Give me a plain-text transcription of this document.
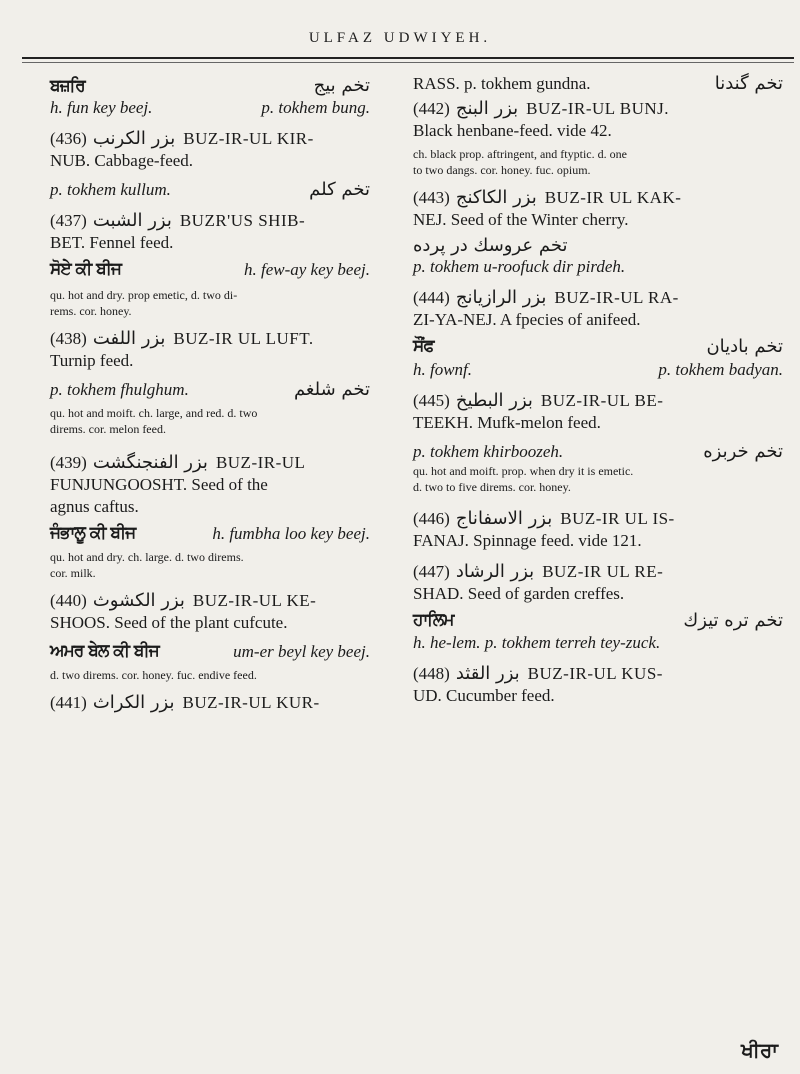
ULFAZ UDWIYEH.
ਬਜ਼ਰਿ	تخم بيج
h. fun key beej.	p. tokhem bung.
(436) بزر الكرنب BUZ-IR-UL KIR-
NUB. Cabbage-feed.
p. tokhem kullum.	تخم كلم
(437) بزر الشبت BUZR'US SHIB-
BET. Fennel feed.
ਸੋਏ ਕੀ ਬੀਜ	h. few-ay key beej.
qu. hot and dry. prop emetic, d. two di-
rems. cor. honey.
(438) بزر اللفت BUZ-IR UL LUFT.
Turnip feed.
p. tokhem fhulghum.	تخم شلغم
qu. hot and moift. ch. large, and red. d. two
direms. cor. melon feed.
(439) بزر الفنجنگشت BUZ-IR-UL
FUNJUNGOOSHT. Seed of the
agnus caftus.
ਜੰਭਾਲੂ ਕੀ ਬੀਜ	h. fumbha loo key beej.
qu. hot and dry. ch. large. d. two direms.
cor. milk.
(440) بزر الكشوث BUZ-IR-UL KE-
SHOOS. Seed of the plant cufcute.
ਅਮਰ ਬੇਲ ਕੀ ਬੀਜ	um-er beyl key beej.
d. two direms. cor. honey. fuc. endive feed.
(441) بزر الكراث BUZ-IR-UL KUR-
RASS. p. tokhem gundna.	تخم گندنا
(442) بزر البنج BUZ-IR-UL BUNJ.
Black henbane-feed. vide 42.
ch. black prop. aftringent, and ftyptic. d. one
to two dangs. cor. honey. fuc. opium.
(443) بزر الكاكنج BUZ-IR UL KAK-
NEJ. Seed of the Winter cherry.
تخم عروسك در پرده
p. tokhem u-roofuck dir pirdeh.
(444) بزر الرازيانج BUZ-IR-UL RA-
ZI-YA-NEJ. A fpecies of anifeed.
ਸੌਂਫ	تخم بادیان
h. fownf.	p. tokhem badyan.
(445) بزر البطيخ BUZ-IR-UL BE-
TEEKH. Mufk-melon feed.
p. tokhem khirboozeh.	تخم خربزه
qu. hot and moift. prop. when dry it is emetic.
d. two to five direms. cor. honey.
(446) بزر الاسفاناج BUZ-IR UL IS-
FANAJ. Spinnage feed. vide 121.
(447) بزر الرشاد BUZ-IR UL RE-
SHAD. Seed of garden creffes.
ਹਾਲਿਮ	تخم تره تيزك
h. he-lem. p. tokhem terreh tey-zuck.
(448) بزر القثد BUZ-IR-UL KUS-
UD. Cucumber feed.
ਖੀਰਾ
